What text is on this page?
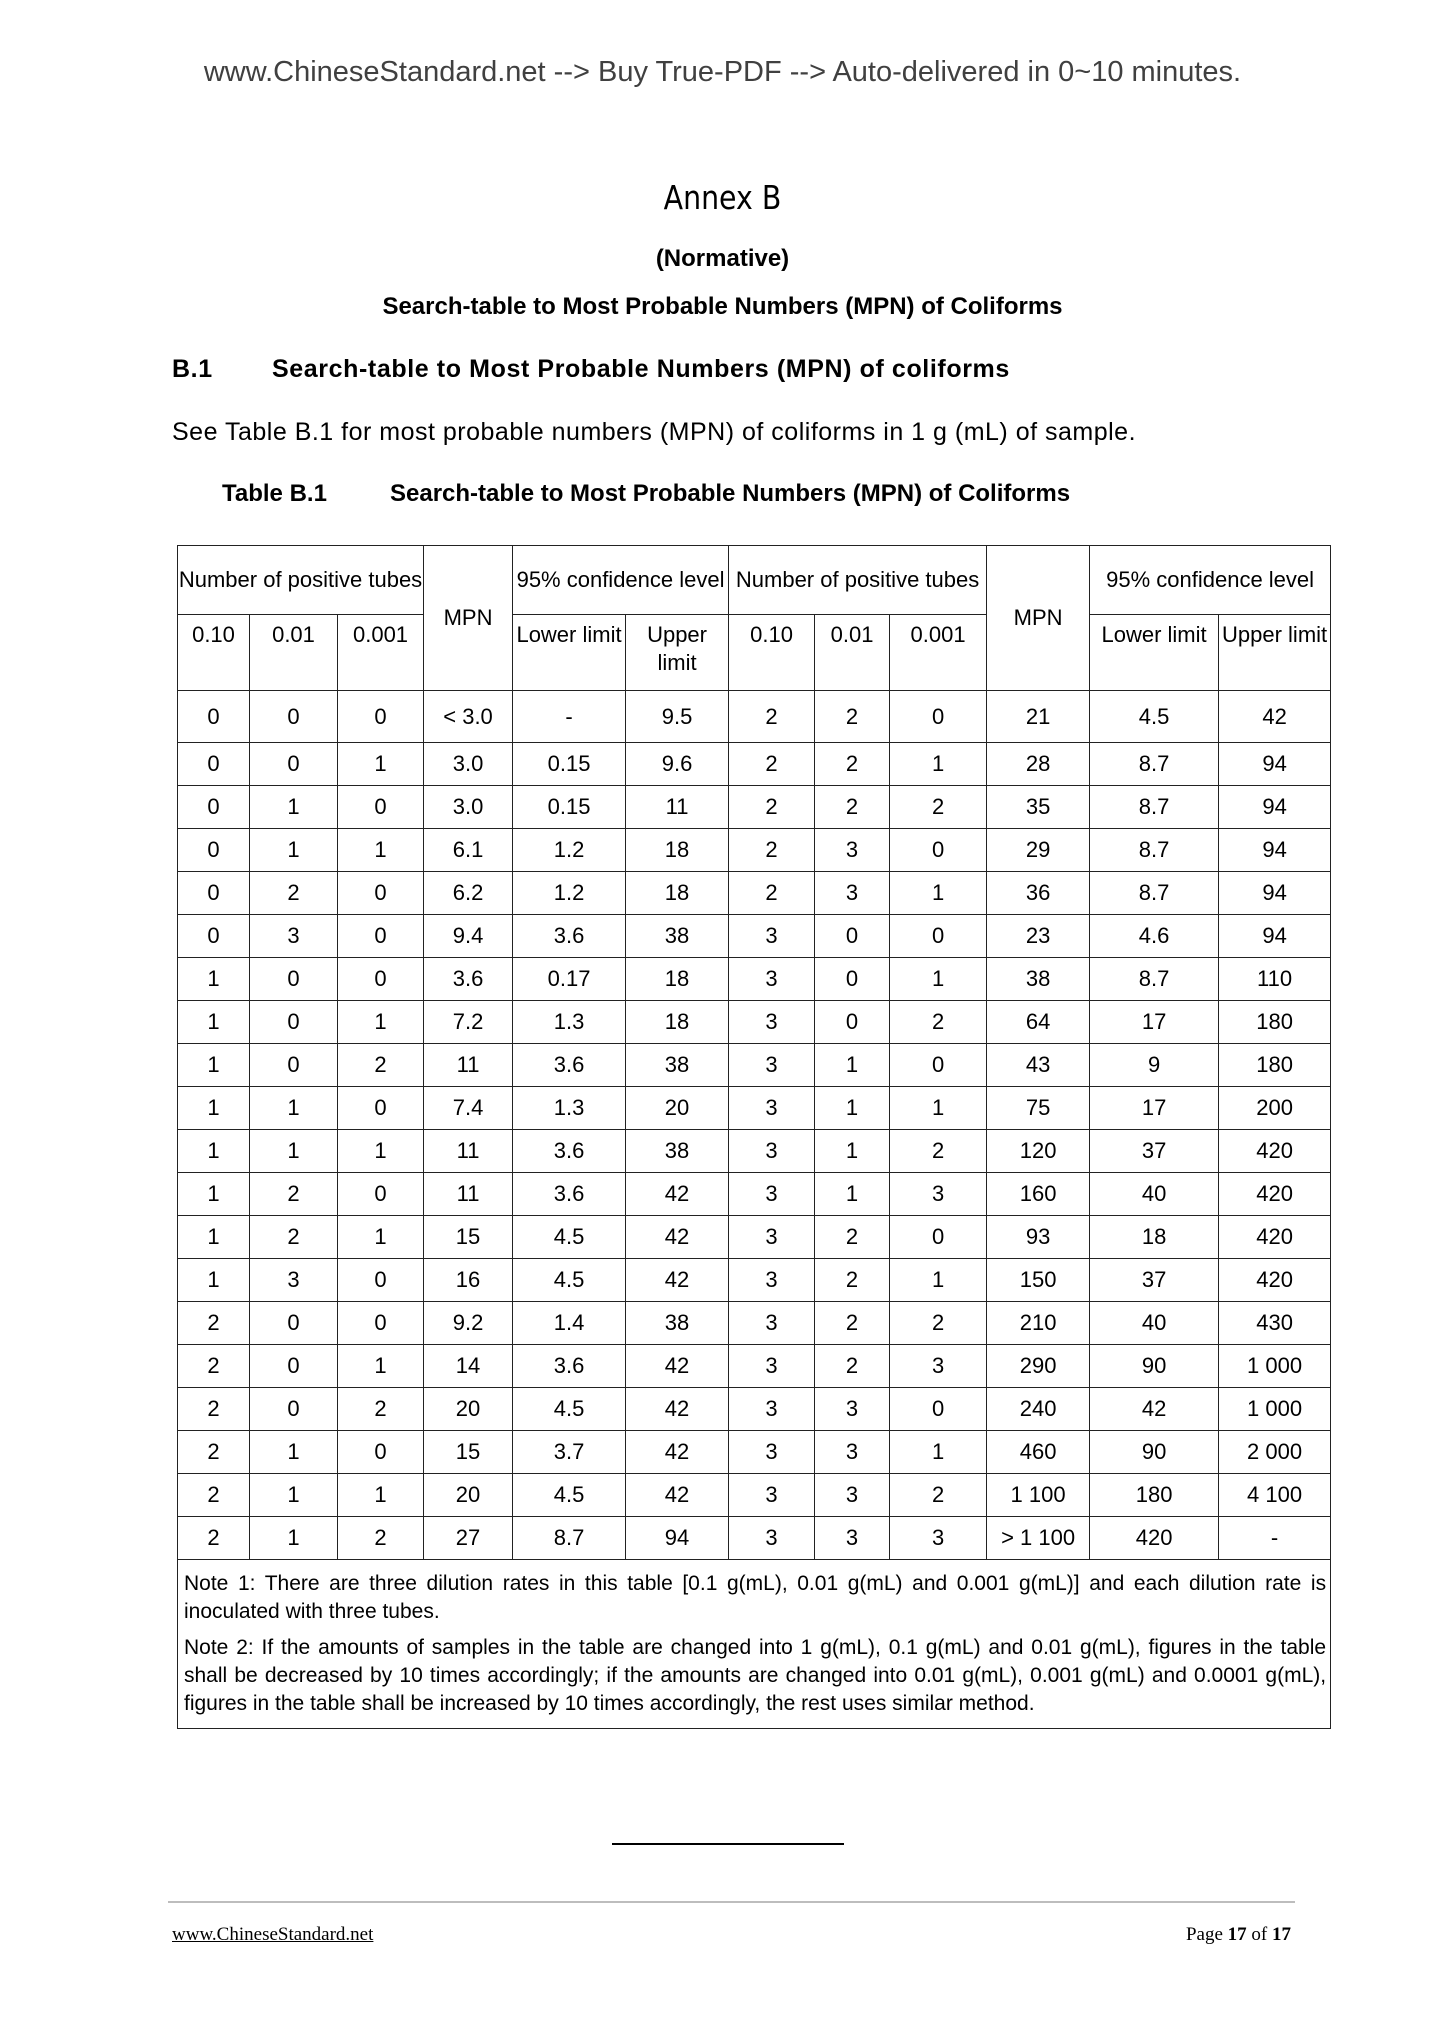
www.ChineseStandard.net --> Buy True-PDF --> Auto-delivered in 0~10 minutes.
Annex B
(Normative)
Search-table to Most Probable Numbers (MPN) of Coliforms
B.1 Search-table to Most Probable Numbers (MPN) of coliforms
See Table B.1 for most probable numbers (MPN) of coliforms in 1 g (mL) of sample.
Table B.1	Search-table to Most Probable Numbers (MPN) of Coliforms
Number of positive tubes			MPN	95% confidence level		Number of positive tubes			MPN	95% confidence level	
0.10	0.01	0.001		Lower limit	Upper limit	0.10	0.01	0.001		Lower limit	Upper limit
0	0	0	< 3.0	-	9.5	2	2	0	21	4.5	42
0	0	1	3.0	0.15	9.6	2	2	1	28	8.7	94
0	1	0	3.0	0.15	11	2	2	2	35	8.7	94
0	1	1	6.1	1.2	18	2	3	0	29	8.7	94
0	2	0	6.2	1.2	18	2	3	1	36	8.7	94
0	3	0	9.4	3.6	38	3	0	0	23	4.6	94
1	0	0	3.6	0.17	18	3	0	1	38	8.7	110
1	0	1	7.2	1.3	18	3	0	2	64	17	180
1	0	2	11	3.6	38	3	1	0	43	9	180
1	1	0	7.4	1.3	20	3	1	1	75	17	200
1	1	1	11	3.6	38	3	1	2	120	37	420
1	2	0	11	3.6	42	3	1	3	160	40	420
1	2	1	15	4.5	42	3	2	0	93	18	420
1	3	0	16	4.5	42	3	2	1	150	37	420
2	0	0	9.2	1.4	38	3	2	2	210	40	430
2	0	1	14	3.6	42	3	2	3	290	90	1 000
2	0	2	20	4.5	42	3	3	0	240	42	1 000
2	1	0	15	3.7	42	3	3	1	460	90	2 000
2	1	1	20	4.5	42	3	3	2	1 100	180	4 100
2	1	2	27	8.7	94	3	3	3	> 1 100	420	-

Note 1: There are three dilution rates in this table [0.1 g(mL), 0.01 g(mL) and 0.001 g(mL)] and each dilution rate is inoculated with three tubes.

Note 2: If the amounts of samples in the table are changed into 1 g(mL), 0.1 g(mL) and 0.01 g(mL), figures in the table shall be decreased by 10 times accordingly; if the amounts are changed into 0.01 g(mL), 0.001 g(mL) and 0.0001 g(mL), figures in the table shall be increased by 10 times accordingly, the rest uses similar method.											

www.ChineseStandard.net	Page 17 of 17
